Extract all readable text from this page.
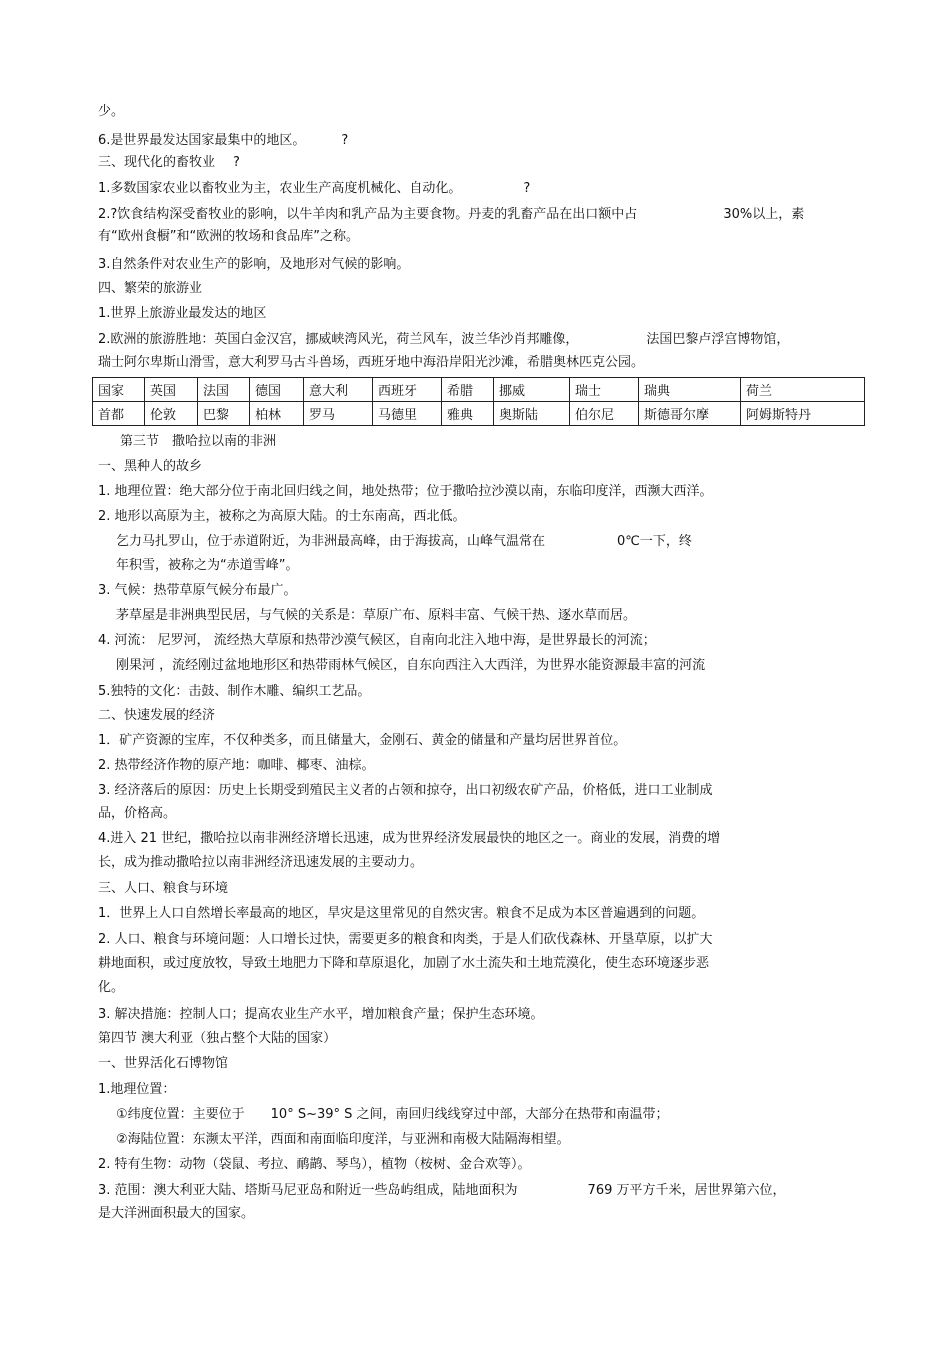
少。
6.是世界最发达国家最集中的地区。	?
三、现代化的畜牧业 ?
1.多数国家农业以畜牧业为主，农业生产高度机械化、自动化。	?
2.?饮食结构深受畜牧业的影响，以牛羊肉和乳产品为主要食物。丹麦的乳畜产品在出口额中占	30%以上，素
有“欧州食橱”和“欧洲的牧场和食品库”之称。
3.自然条件对农业生产的影响，及地形对气候的影响。
四、繁荣的旅游业
1.世界上旅游业最发达的地区
2.欧洲的旅游胜地：英国白金汉宫，挪威峡湾风光，荷兰风车，波兰华沙肖邦雕像，	法国巴黎卢浮宫博物馆，
瑞士阿尔卑斯山滑雪，意大利罗马古斗兽场，西班牙地中海沿岸阳光沙滩，希腊奥林匹克公园。
国家	英国	法国	德国	意大利	西班牙	希腊	挪威	瑞士	瑞典	荷兰
首都	伦敦	巴黎	柏林	罗马	马德里	雅典	奥斯陆	伯尔尼	斯德哥尔摩	阿姆斯特丹
第三节　撒哈拉以南的非洲
一、黑种人的故乡
1. 地理位置：绝大部分位于南北回归线之间，地处热带；位于撒哈拉沙漠以南，东临印度洋，西濒大西洋。
2. 地形以高原为主，被称之为高原大陆。的士东南高，西北低。
乞力马扎罗山，位于赤道附近，为非洲最高峰，由于海拔高，山峰气温常在	0℃一下，终
年积雪，被称之为“赤道雪峰”。
3. 气候：热带草原气候分布最广。
茅草屋是非洲典型民居，与气候的关系是：草原广布、原料丰富、气候干热、逐水草而居。
4. 河流： 尼罗河， 流经热大草原和热带沙漠气候区，自南向北注入地中海，是世界最长的河流；
刚果河 ，流经刚过盆地地形区和热带雨林气候区，自东向西注入大西洋，为世界水能资源最丰富的河流
5.独特的文化：击鼓、制作木雕、编织工艺品。
二、快速发展的经济
1．矿产资源的宝库，不仅种类多，而且储量大，金刚石、黄金的储量和产量均居世界首位。
2. 热带经济作物的原产地：咖啡、椰枣、油棕。
3. 经济落后的原因：历史上长期受到殖民主义者的占领和掠夺，出口初级农矿产品，价格低，进口工业制成
品，价格高。
4.进入 21 世纪，撒哈拉以南非洲经济增长迅速，成为世界经济发展最快的地区之一。商业的发展，消费的增
长，成为推动撒哈拉以南非洲经济迅速发展的主要动力。
三、人口、粮食与环境
1．世界上人口自然增长率最高的地区，旱灾是这里常见的自然灾害。粮食不足成为本区普遍遇到的问题。
2. 人口、粮食与环境问题：人口增长过快，需要更多的粮食和肉类，于是人们砍伐森林、开垦草原，以扩大
耕地面积，或过度放牧，导致土地肥力下降和草原退化，加剧了水土流失和土地荒漠化，使生态环境逐步恶
化。
3. 解决措施：控制人口；提高农业生产水平，增加粮食产量；保护生态环境。
第四节 澳大利亚（独占整个大陆的国家）
一、世界活化石博物馆
1.地理位置：
①纬度位置：主要位于 10° S~39° S 之间，南回归线线穿过中部，大部分在热带和南温带；
②海陆位置：东濒太平洋，西面和南面临印度洋，与亚洲和南极大陆隔海相望。
2. 特有生物：动物（袋鼠、考拉、鸸鹋、琴鸟），植物（桉树、金合欢等）。
3. 范围：澳大利亚大陆、塔斯马尼亚岛和附近一些岛屿组成，陆地面积为	769 万平方千米，居世界第六位，
是大洋洲面积最大的国家。
